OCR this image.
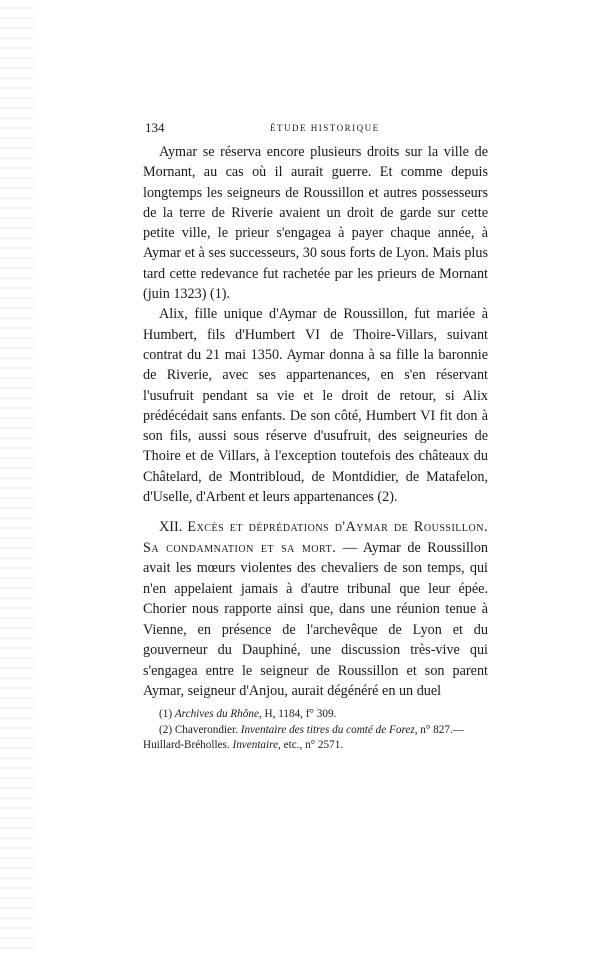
134	ÉTUDE HISTORIQUE

Aymar se réserva encore plusieurs droits sur la ville de Mornant, au cas où il aurait guerre. Et comme depuis longtemps les seigneurs de Roussillon et autres possesseurs de la terre de Riverie avaient un droit de garde sur cette petite ville, le prieur s'engagea à payer chaque année, à Aymar et à ses successeurs, 30 sous forts de Lyon. Mais plus tard cette redevance fut rachetée par les prieurs de Mornant (juin 1323) (1).

Alix, fille unique d'Aymar de Roussillon, fut mariée à Humbert, fils d'Humbert VI de Thoire-Villars, suivant contrat du 21 mai 1350. Aymar donna à sa fille la baronnie de Riverie, avec ses appartenances, en s'en réservant l'usufruit pendant sa vie et le droit de retour, si Alix prédécédait sans enfants. De son côté, Humbert VI fit don à son fils, aussi sous réserve d'usufruit, des seigneuries de Thoire et de Villars, à l'exception toutefois des châteaux du Châtelard, de Montribloud, de Montdidier, de Matafelon, d'Uselle, d'Arbent et leurs appartenances (2).

XII. Excès et déprédations d'Aymar de Roussillon. Sa condamnation et sa mort. — Aymar de Roussillon avait les mœurs violentes des chevaliers de son temps, qui n'en appelaient jamais à d'autre tribunal que leur épée. Chorier nous rapporte ainsi que, dans une réunion tenue à Vienne, en présence de l'archevêque de Lyon et du gouverneur du Dauphiné, une discussion très-vive qui s'engagea entre le seigneur de Roussillon et son parent Aymar, seigneur d'Anjou, aurait dégénéré en un duel

(1) Archives du Rhône, H, 1184, f° 309.

(2) Chaverondier. Inventaire des titres du comté de Forez, n° 827.— Huillard-Bréholles. Inventaire, etc., n° 2571.
